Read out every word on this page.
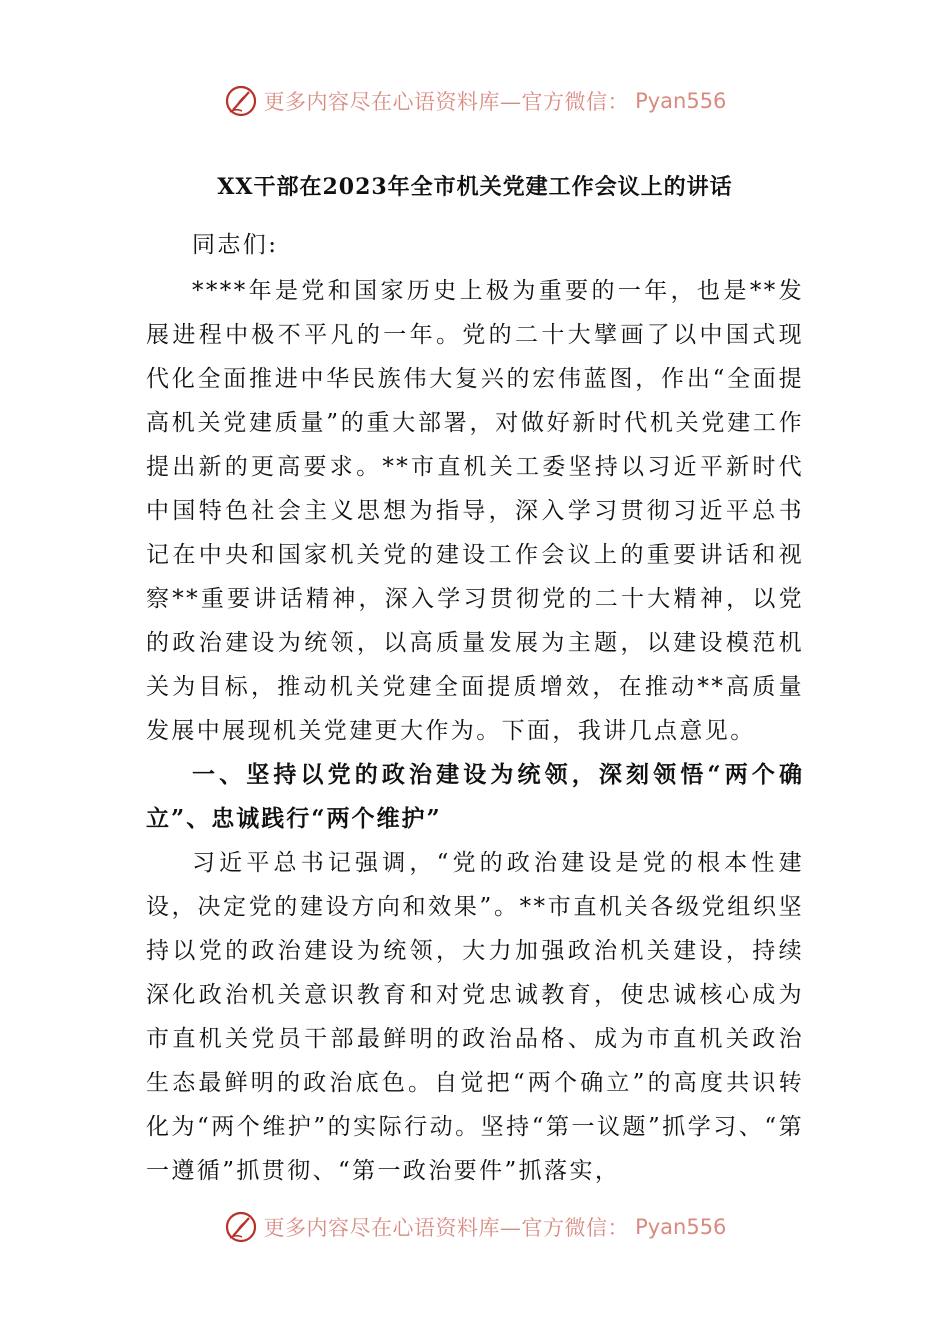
更多内容尽在心语资料库—官方微信： Pyan556
XX干部在2023年全市机关党建工作会议上的讲话

同志们:

****年是党和国家历史上极为重要的一年，也是**发展进程中极不平凡的一年。党的二十大擘画了以中国式现代化全面推进中华民族伟大复兴的宏伟蓝图，作出“全面提高机关党建质量”的重大部署，对做好新时代机关党建工作提出新的更高要求。**市直机关工委坚持以习近平新时代中国特色社会主义思想为指导，深入学习贯彻习近平总书记在中央和国家机关党的建设工作会议上的重要讲话和视察**重要讲话精神，深入学习贯彻党的二十大精神，以党的政治建设为统领，以高质量发展为主题，以建设模范机关为目标，推动机关党建全面提质增效，在推动**高质量发展中展现机关党建更大作为。下面，我讲几点意见。

一、坚持以党的政治建设为统领，深刻领悟“两个确立”、忠诚践行“两个维护”

习近平总书记强调，“党的政治建设是党的根本性建设，决定党的建设方向和效果”。**市直机关各级党组织坚持以党的政治建设为统领，大力加强政治机关建设，持续深化政治机关意识教育和对党忠诚教育，使忠诚核心成为市直机关党员干部最鲜明的政治品格、成为市直机关政治生态最鲜明的政治底色。自觉把“两个确立”的高度共识转化为“两个维护”的实际行动。坚持“第一议题”抓学习、“第一遵循”抓贯彻、“第一政治要件”抓落实，

更多内容尽在心语资料库—官方微信： Pyan556
